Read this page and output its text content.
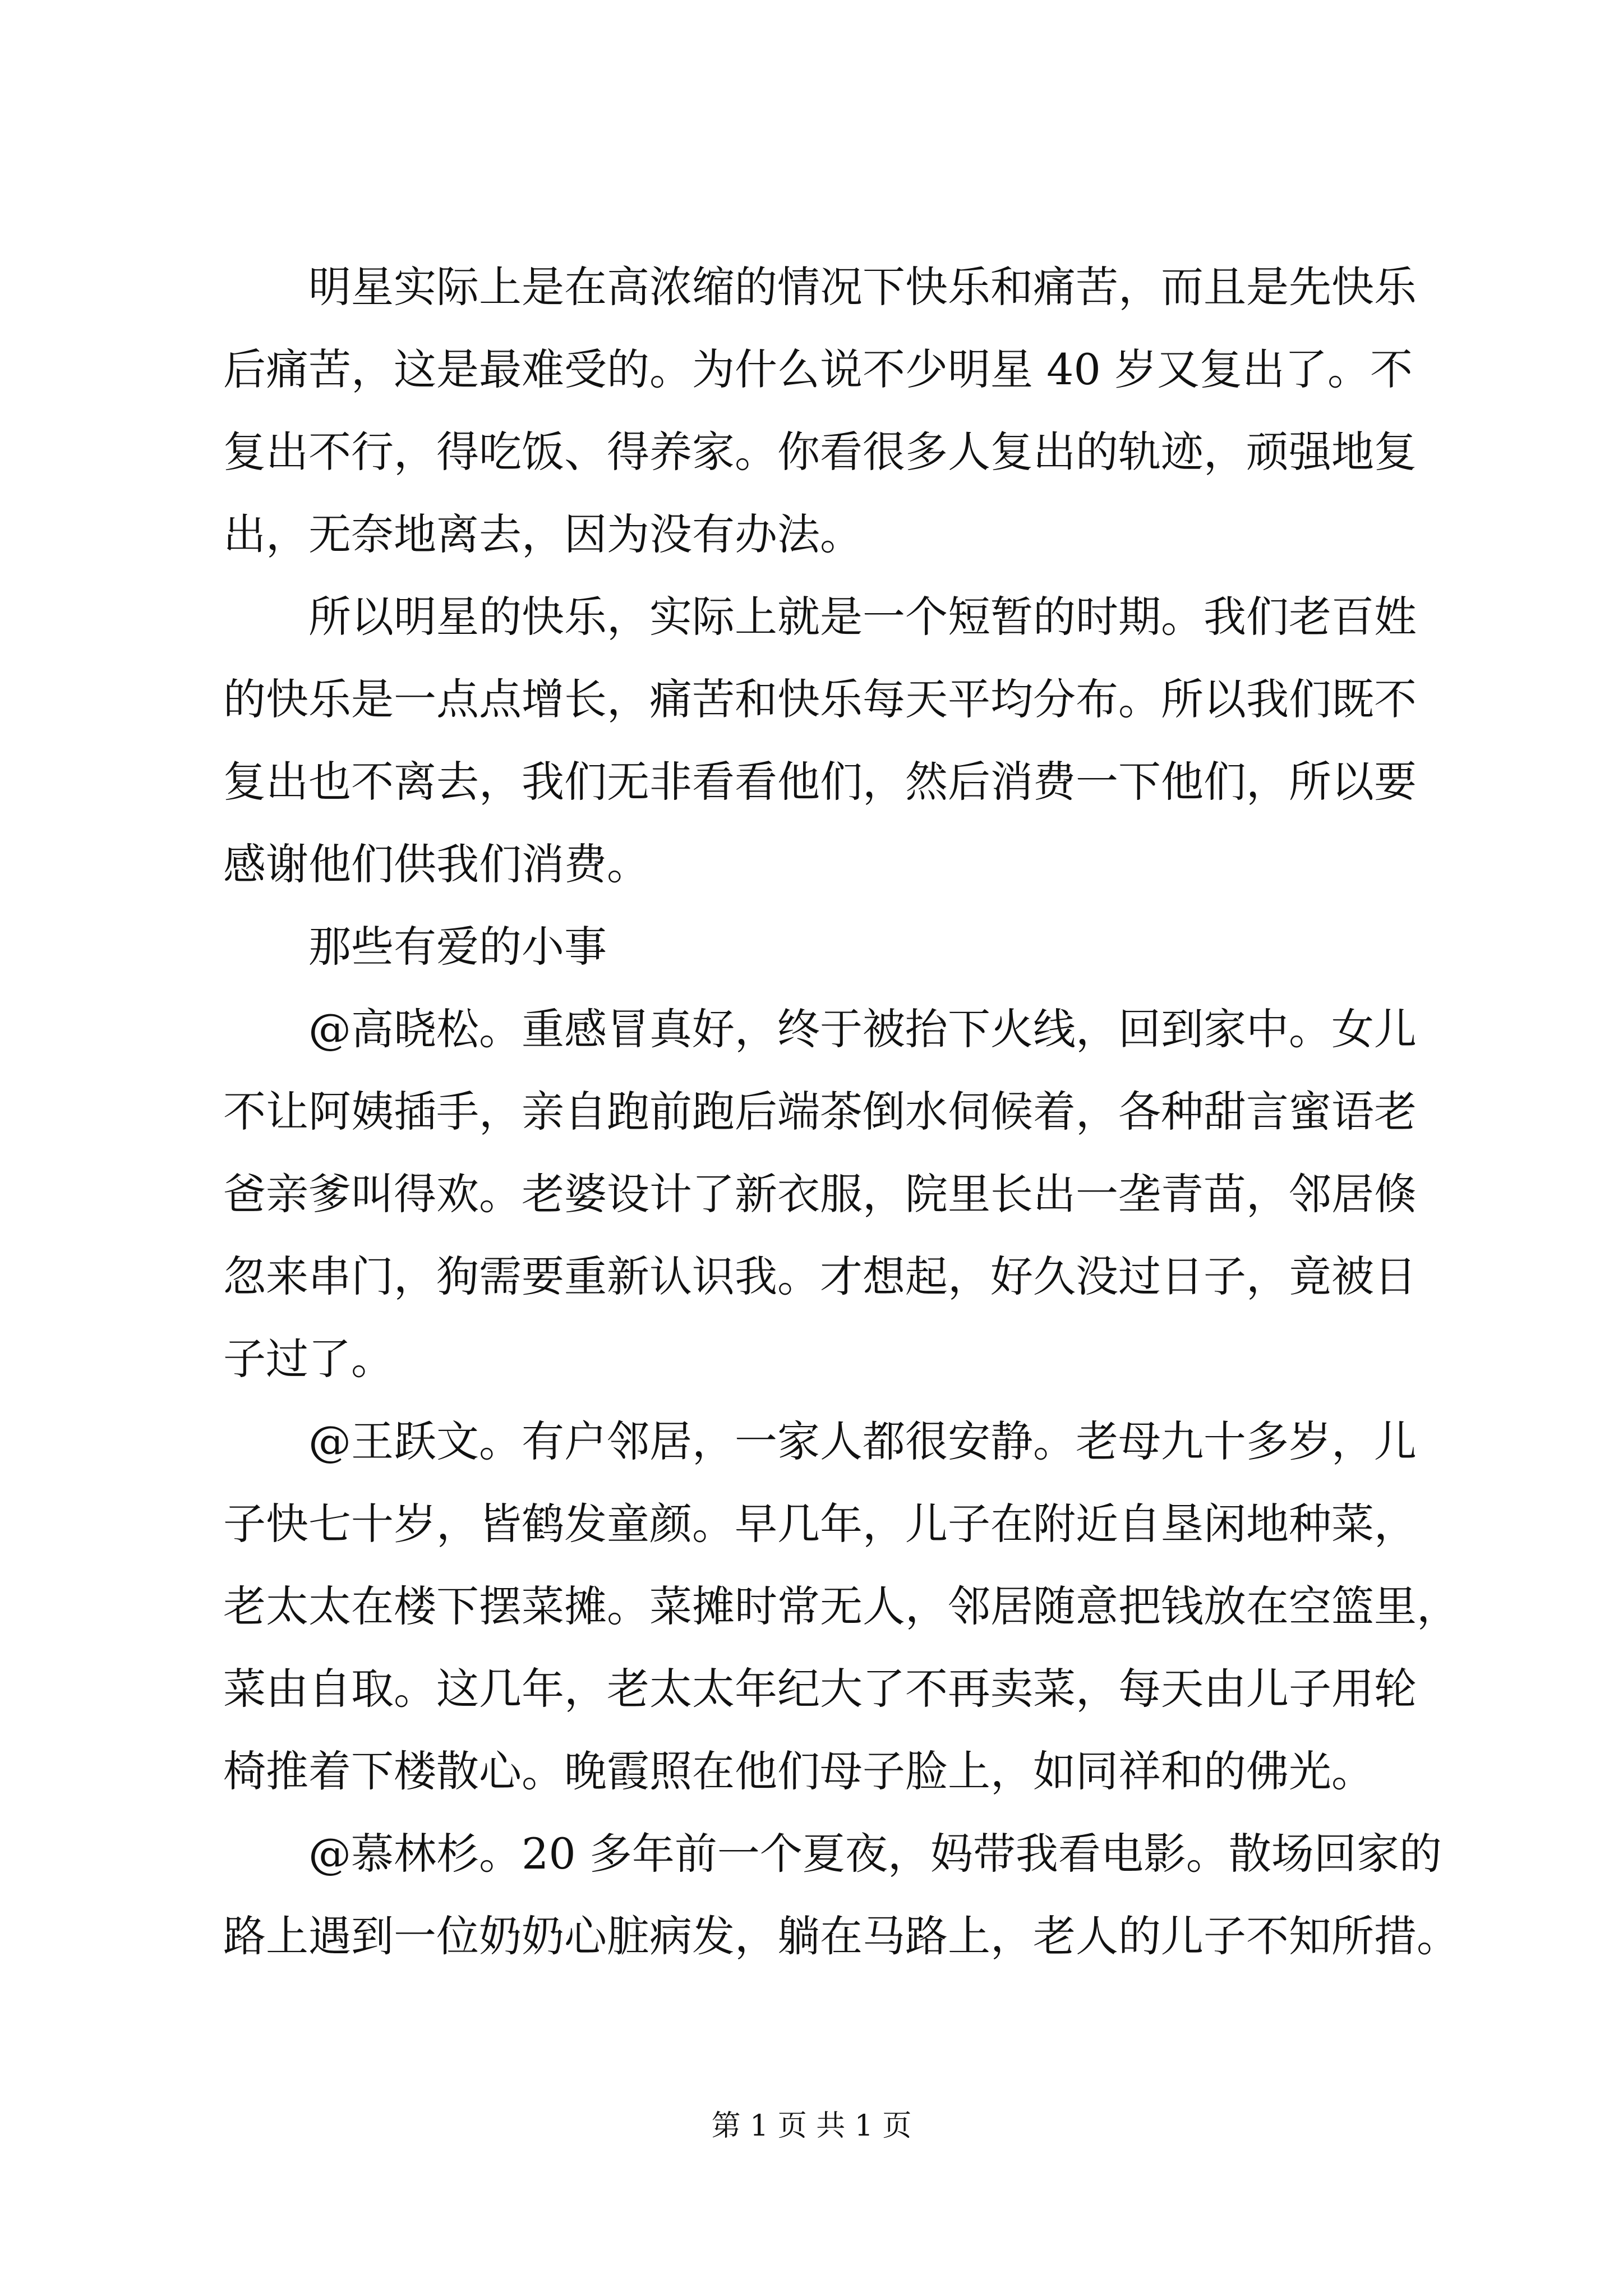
明星实际上是在高浓缩的情况下快乐和痛苦，而且是先快乐
后痛苦，这是最难受的。为什么说不少明星 40 岁又复出了。不
复出不行，得吃饭、得养家。你看很多人复出的轨迹，顽强地复
出，无奈地离去，因为没有办法。
所以明星的快乐，实际上就是一个短暂的时期。我们老百姓
的快乐是一点点增长，痛苦和快乐每天平均分布。所以我们既不
复出也不离去，我们无非看看他们，然后消费一下他们，所以要
感谢他们供我们消费。
那些有爱的小事
@高晓松。重感冒真好，终于被抬下火线，回到家中。女儿
不让阿姨插手，亲自跑前跑后端茶倒水伺候着，各种甜言蜜语老
爸亲爹叫得欢。老婆设计了新衣服，院里长出一垄青苗，邻居倏
忽来串门，狗需要重新认识我。才想起，好久没过日子，竟被日
子过了。
@王跃文。有户邻居，一家人都很安静。老母九十多岁，儿
子快七十岁，皆鹤发童颜。早几年，儿子在附近自垦闲地种菜，
老太太在楼下摆菜摊。菜摊时常无人，邻居随意把钱放在空篮里，
菜由自取。这几年，老太太年纪大了不再卖菜，每天由儿子用轮
椅推着下楼散心。晚霞照在他们母子脸上，如同祥和的佛光。
@慕林杉。20 多年前一个夏夜，妈带我看电影。散场回家的
路上遇到一位奶奶心脏病发，躺在马路上，老人的儿子不知所措。
第 1 页 共 1 页
